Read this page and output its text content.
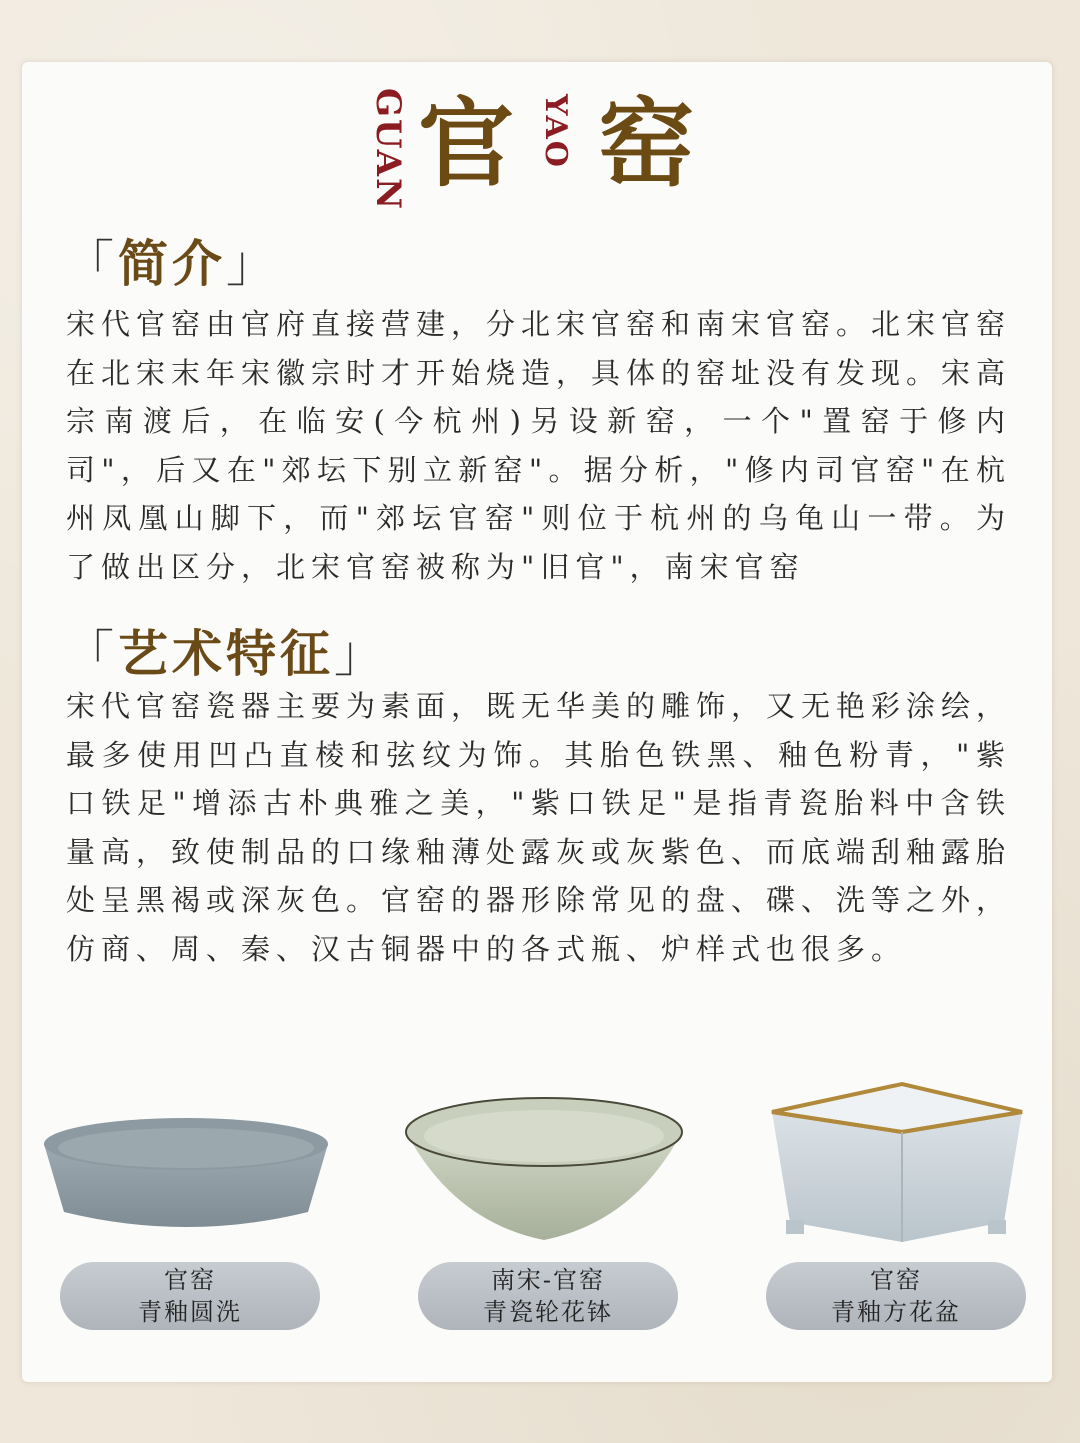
GUAN 官 YAO 窑
「简介」
宋代官窑由官府直接营建，分北宋官窑和南宋官窑。北宋官窑在北宋末年宋徽宗时才开始烧造，具体的窑址没有发现。宋高宗南渡后，在临安(今杭州)另设新窑，一个"置窑于修内司"，后又在"郊坛下别立新窑"。据分析，"修内司官窑"在杭州凤凰山脚下，而"郊坛官窑"则位于杭州的乌龟山一带。为了做出区分，北宋官窑被称为"旧官"，南宋官窑
「艺术特征」
宋代官窑瓷器主要为素面，既无华美的雕饰，又无艳彩涂绘，最多使用凹凸直棱和弦纹为饰。其胎色铁黑、釉色粉青，"紫口铁足"增添古朴典雅之美，"紫口铁足"是指青瓷胎料中含铁量高，致使制品的口缘釉薄处露灰或灰紫色、而底端刮釉露胎处呈黑褐或深灰色。官窑的器形除常见的盘、碟、洗等之外，仿商、周、秦、汉古铜器中的各式瓶、炉样式也很多。
官窑
青釉圆洗
南宋-官窑
青瓷轮花钵
官窑
青釉方花盆
